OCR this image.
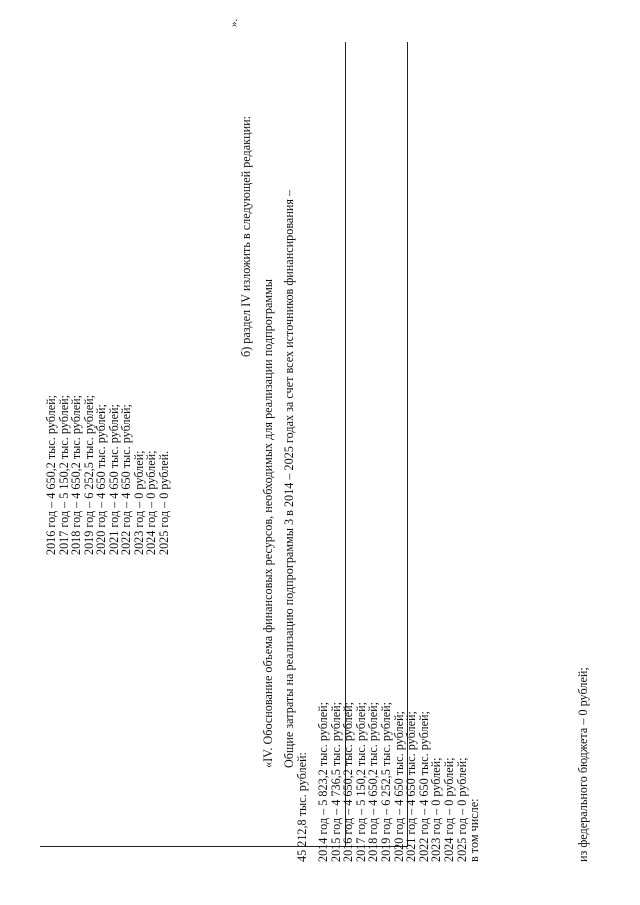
2016 год – 4 650,2 тыс. рублей;
2017 год – 5 150,2 тыс. рублей;
2018 год – 4 650,2 тыс. рублей;
2019 год – 6 252,5 тыс. рублей;
2020 год – 4 650 тыс. рублей;
2021 год – 4 650 тыс. рублей;
2022 год – 4 650 тыс. рублей;
2023 год – 0 рублей;
2024 год – 0 рублей;
2025 год – 0 рублей.
».
б) раздел IV изложить в следующей редакции:
«IV. Обоснование объема финансовых ресурсов, необходимых для реализации подпрограммы Общие затраты на реализацию подпрограммы 3 в 2014 – 2025 годах за счет всех источников финансирования –
45 212,8 тыс. рублей: 2014 год – 5 823,2 тыс. рублей;
2015 год – 4 736,5 тыс. рублей;
2016 год – 4 650,2 тыс. рублей;
2017 год – 5 150,2 тыс. рублей;
2018 год – 4 650,2 тыс. рублей;
2019 год – 6 252,5 тыс. рублей;
2020 год – 4 650 тыс. рублей;
2021 год – 4 650 тыс. рублей;
2022 год – 4 650 тыс. рублей;
2023 год – 0 рублей;
2024 год – 0 рублей;
2025 год – 0 рублей;
в том числе:	из федерального бюджета – 0 рублей;
